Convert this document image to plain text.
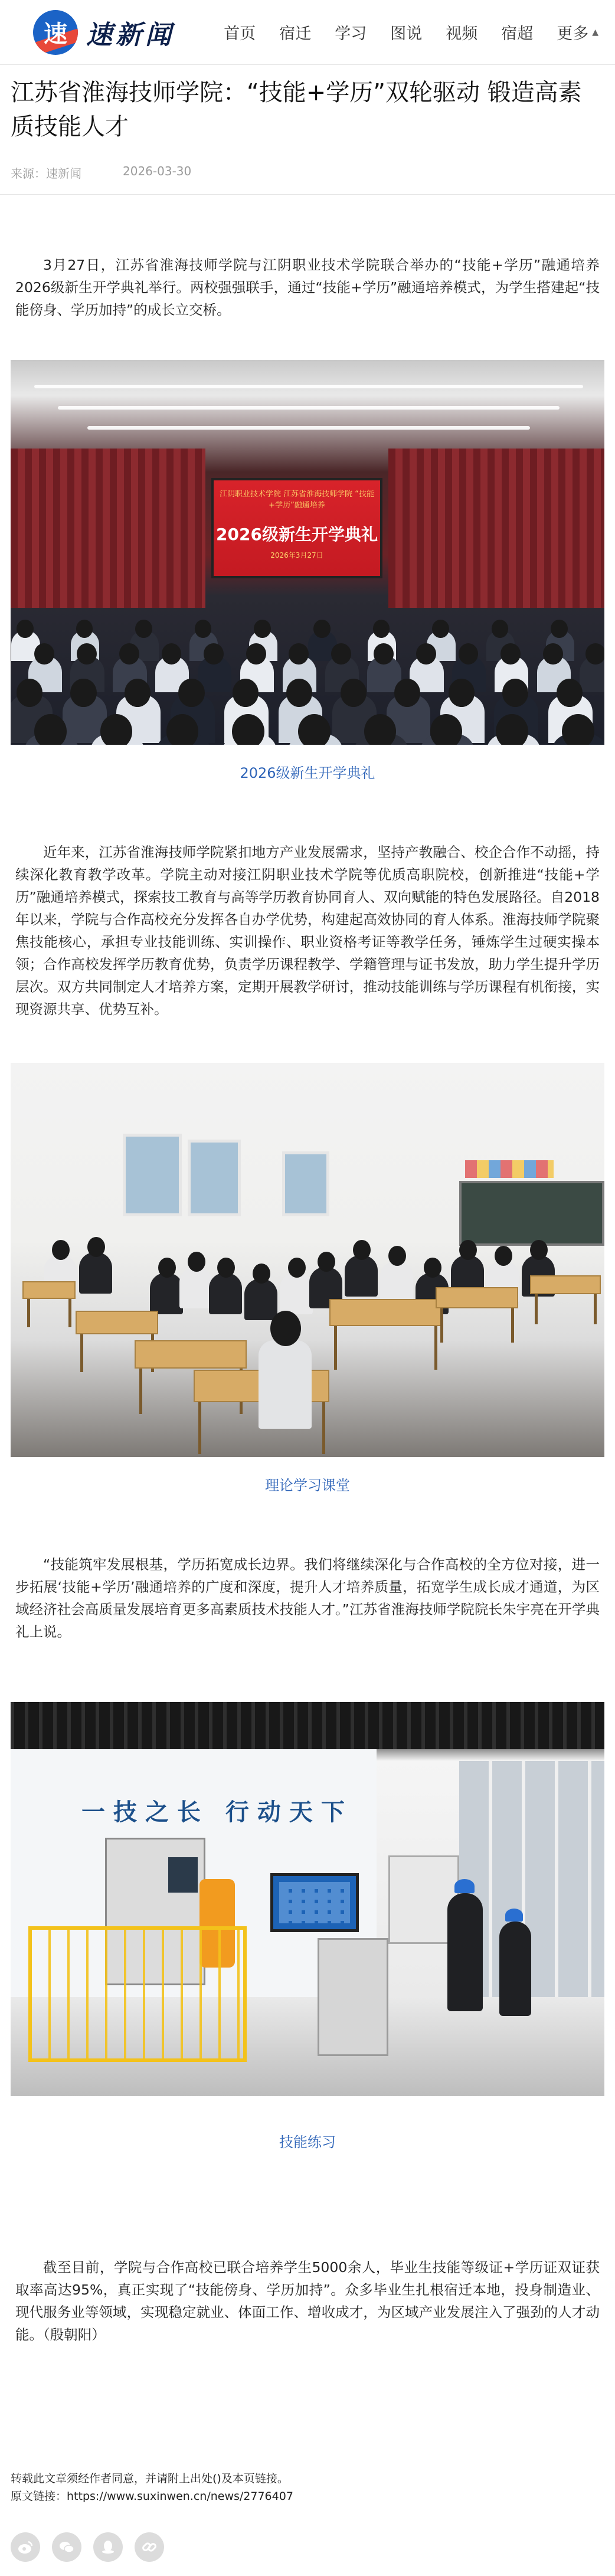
速 速新闻	首页 宿迁 学习 图说 视频 宿超 更多 ▲
江苏省淮海技师学院：“技能+学历”双轮驱动 锻造高素质技能人才
来源：速新闻	2026-03-30

3月27日，江苏省淮海技师学院与江阴职业技术学院联合举办的“技能+学历”融通培养2026级新生开学典礼举行。两校强强联手，通过“技能+学历”融通培养模式，为学生搭建起“技能傍身、学历加持”的成长立交桥。

江阴职业技术学院 江苏省淮海技师学院 “技能+学历”融通培养
2026级新生开学典礼
2026年3月27日

2026级新生开学典礼

近年来，江苏省淮海技师学院紧扣地方产业发展需求，坚持产教融合、校企合作不动摇，持续深化教育教学改革。学院主动对接江阴职业技术学院等优质高职院校，创新推进“技能+学历”融通培养模式，探索技工教育与高等学历教育协同育人、双向赋能的特色发展路径。自2018年以来，学院与合作高校充分发挥各自办学优势，构建起高效协同的育人体系。淮海技师学院聚焦技能核心，承担专业技能训练、实训操作、职业资格考证等教学任务，锤炼学生过硬实操本领；合作高校发挥学历教育优势，负责学历课程教学、学籍管理与证书发放，助力学生提升学历层次。双方共同制定人才培养方案，定期开展教学研讨，推动技能训练与学历课程有机衔接，实现资源共享、优势互补。

理论学习课堂

“技能筑牢发展根基，学历拓宽成长边界。我们将继续深化与合作高校的全方位对接，进一步拓展‘技能+学历’融通培养的广度和深度，提升人才培养质量，拓宽学生成长成才通道，为区域经济社会高质量发展培育更多高素质技术技能人才。”江苏省淮海技师学院院长朱宇亮在开学典礼上说。

一技之长 行动天下

技能练习

截至目前，学院与合作高校已联合培养学生5000余人，毕业生技能等级证+学历证双证获取率高达95%，真正实现了“技能傍身、学历加持”。众多毕业生扎根宿迁本地，投身制造业、现代服务业等领域，实现稳定就业、体面工作、增收成才，为区域产业发展注入了强劲的人才动能。（殷朝阳）

转载此文章须经作者同意，并请附上出处()及本页链接。

原文链接：https://www.suxinwen.cn/news/2776407
